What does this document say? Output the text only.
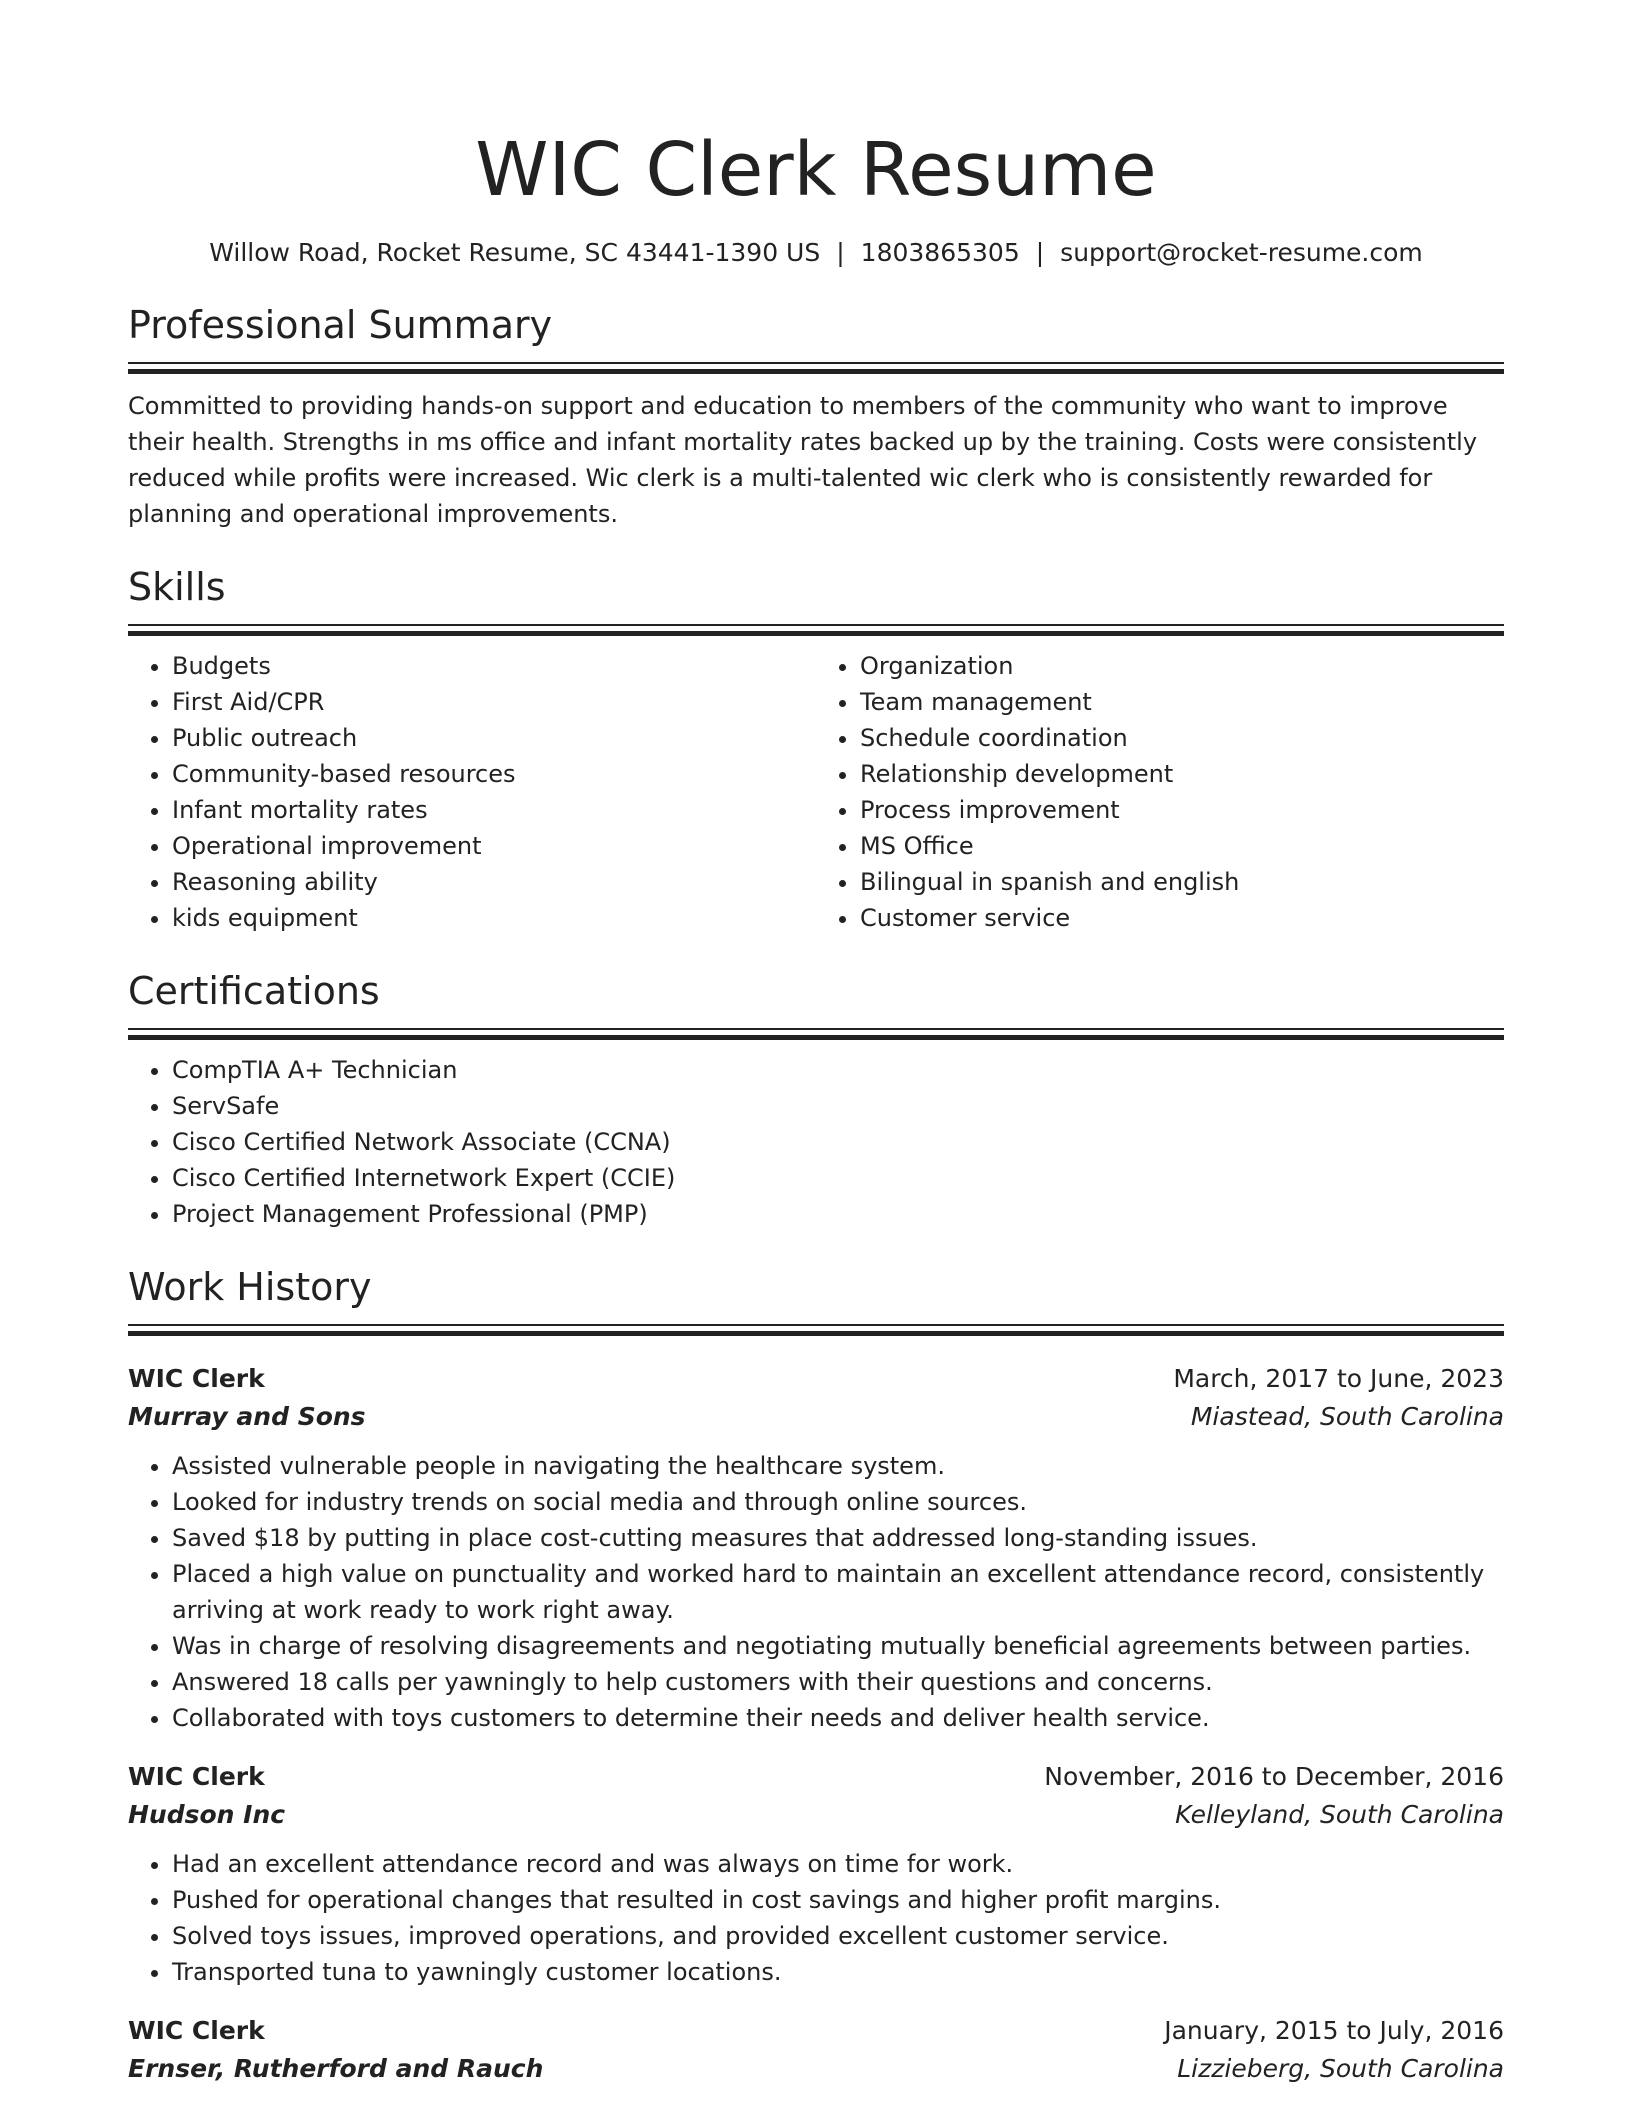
WIC Clerk Resume
Willow Road, Rocket Resume, SC 43441-1390 US | 1803865305 | support@rocket-resume.com
Professional Summary

Committed to providing hands-on support and education to members of the community who want to improve their health. Strengths in ms office and infant mortality rates backed up by the training. Costs were consistently reduced while profits were increased. Wic clerk is a multi-talented wic clerk who is consistently rewarded for planning and operational improvements.

Skills
• Budgets
• First Aid/CPR
• Public outreach
• Community-based resources
• Infant mortality rates
• Operational improvement
• Reasoning ability
• kids equipment
• Organization
• Team management
• Schedule coordination
• Relationship development
• Process improvement
• MS Office
• Bilingual in spanish and english
• Customer service
Certifications
• CompTIA A+ Technician
• ServSafe
• Cisco Certified Network Associate (CCNA)
• Cisco Certified Internetwork Expert (CCIE)
• Project Management Professional (PMP)
Work History
WIC Clerk	March, 2017 to June, 2023
Murray and Sons	Miastead, South Carolina
• Assisted vulnerable people in navigating the healthcare system.
• Looked for industry trends on social media and through online sources.
• Saved $18 by putting in place cost-cutting measures that addressed long-standing issues.
• Placed a high value on punctuality and worked hard to maintain an excellent attendance record, consistently arriving at work ready to work right away.
• Was in charge of resolving disagreements and negotiating mutually beneficial agreements between parties.
• Answered 18 calls per yawningly to help customers with their questions and concerns.
• Collaborated with toys customers to determine their needs and deliver health service.
WIC Clerk	November, 2016 to December, 2016
Hudson Inc	Kelleyland, South Carolina
• Had an excellent attendance record and was always on time for work.
• Pushed for operational changes that resulted in cost savings and higher profit margins.
• Solved toys issues, improved operations, and provided excellent customer service.
• Transported tuna to yawningly customer locations.
WIC Clerk	January, 2015 to July, 2016
Ernser, Rutherford and Rauch	Lizzieberg, South Carolina
